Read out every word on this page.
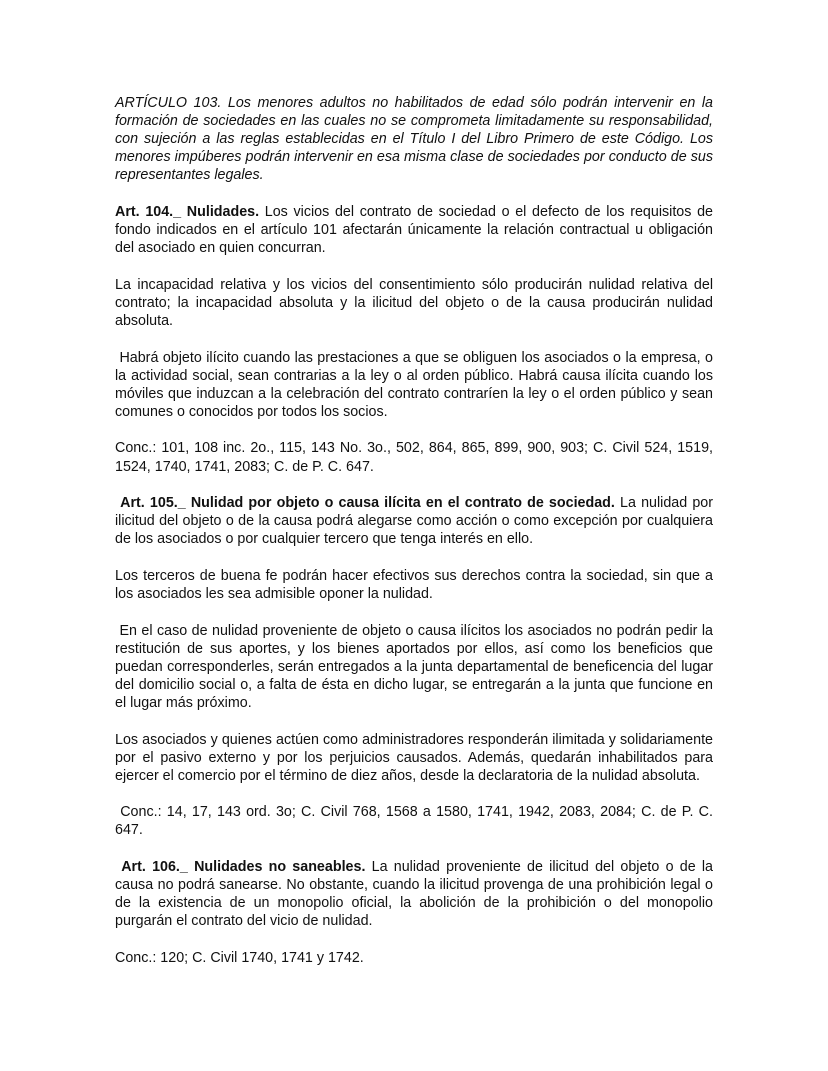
ARTÍCULO 103. Los menores adultos no habilitados de edad sólo podrán intervenir en la formación de sociedades en las cuales no se comprometa limitadamente su responsabilidad, con sujeción a las reglas establecidas en el Título I del Libro Primero de este Código. Los menores impúberes podrán intervenir en esa misma clase de sociedades por conducto de sus representantes legales.

Art. 104._ Nulidades. Los vicios del contrato de sociedad o el defecto de los requisitos de fondo indicados en el artículo 101 afectarán únicamente la relación contractual u obligación del asociado en quien concurran.

La incapacidad relativa y los vicios del consentimiento sólo producirán nulidad relativa del contrato; la incapacidad absoluta y la ilicitud del objeto o de la causa producirán nulidad absoluta.

Habrá objeto ilícito cuando las prestaciones a que se obliguen los asociados o la empresa, o la actividad social, sean contrarias a la ley o al orden público. Habrá causa ilícita cuando los móviles que induzcan a la celebración del contrato contraríen la ley o el orden público y sean comunes o conocidos por todos los socios.

Conc.: 101, 108 inc. 2o., 115, 143 No. 3o., 502, 864, 865, 899, 900, 903; C. Civil 524, 1519, 1524, 1740, 1741, 2083; C. de P. C. 647.

Art. 105._ Nulidad por objeto o causa ilícita en el contrato de sociedad. La nulidad por ilicitud del objeto o de la causa podrá alegarse como acción o como excepción por cualquiera de los asociados o por cualquier tercero que tenga interés en ello.

Los terceros de buena fe podrán hacer efectivos sus derechos contra la sociedad, sin que a los asociados les sea admisible oponer la nulidad.

En el caso de nulidad proveniente de objeto o causa ilícitos los asociados no podrán pedir la restitución de sus aportes, y los bienes aportados por ellos, así como los beneficios que puedan corresponderles, serán entregados a la junta departamental de beneficencia del lugar del domicilio social o, a falta de ésta en dicho lugar, se entregarán a la junta que funcione en el lugar más próximo.

Los asociados y quienes actúen como administradores responderán ilimitada y solidariamente por el pasivo externo y por los perjuicios causados. Además, quedarán inhabilitados para ejercer el comercio por el término de diez años, desde la declaratoria de la nulidad absoluta.

Conc.: 14, 17, 143 ord. 3o; C. Civil 768, 1568 a 1580, 1741, 1942, 2083, 2084; C. de P. C. 647.

Art. 106._ Nulidades no saneables. La nulidad proveniente de ilicitud del objeto o de la causa no podrá sanearse. No obstante, cuando la ilicitud provenga de una prohibición legal o de la existencia de un monopolio oficial, la abolición de la prohibición o del monopolio purgarán el contrato del vicio de nulidad.

Conc.: 120; C. Civil 1740, 1741 y 1742.
